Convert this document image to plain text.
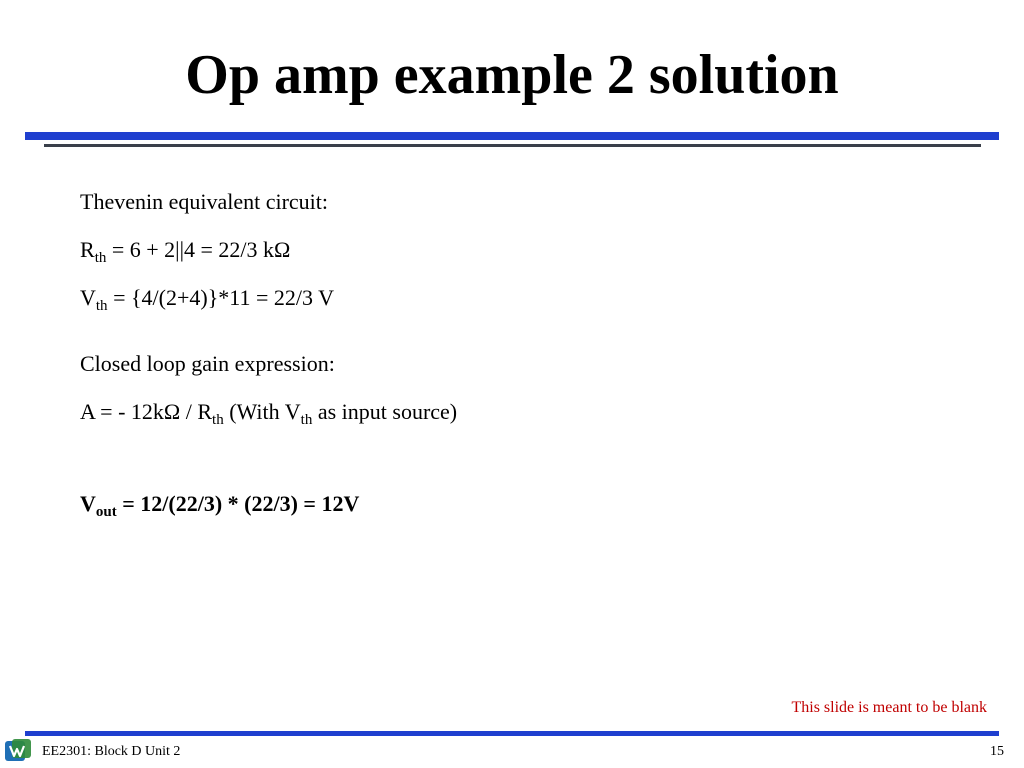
Op amp example 2 solution

Thevenin equivalent circuit:

$R_{th} = 6 + 2||4 = 22/3$ kΩ

$V_{th} = \{4/(2+4)\}*11 = 22/3$ V

Closed loop gain expression:

A = - $12k\Omega / R_{th}$ (With $V_{th}$ as input source)

$V_{out} = 12/(22/3) * (22/3) = 12V$

This slide is meant to be blank
EE2301: Block D Unit 2	15
